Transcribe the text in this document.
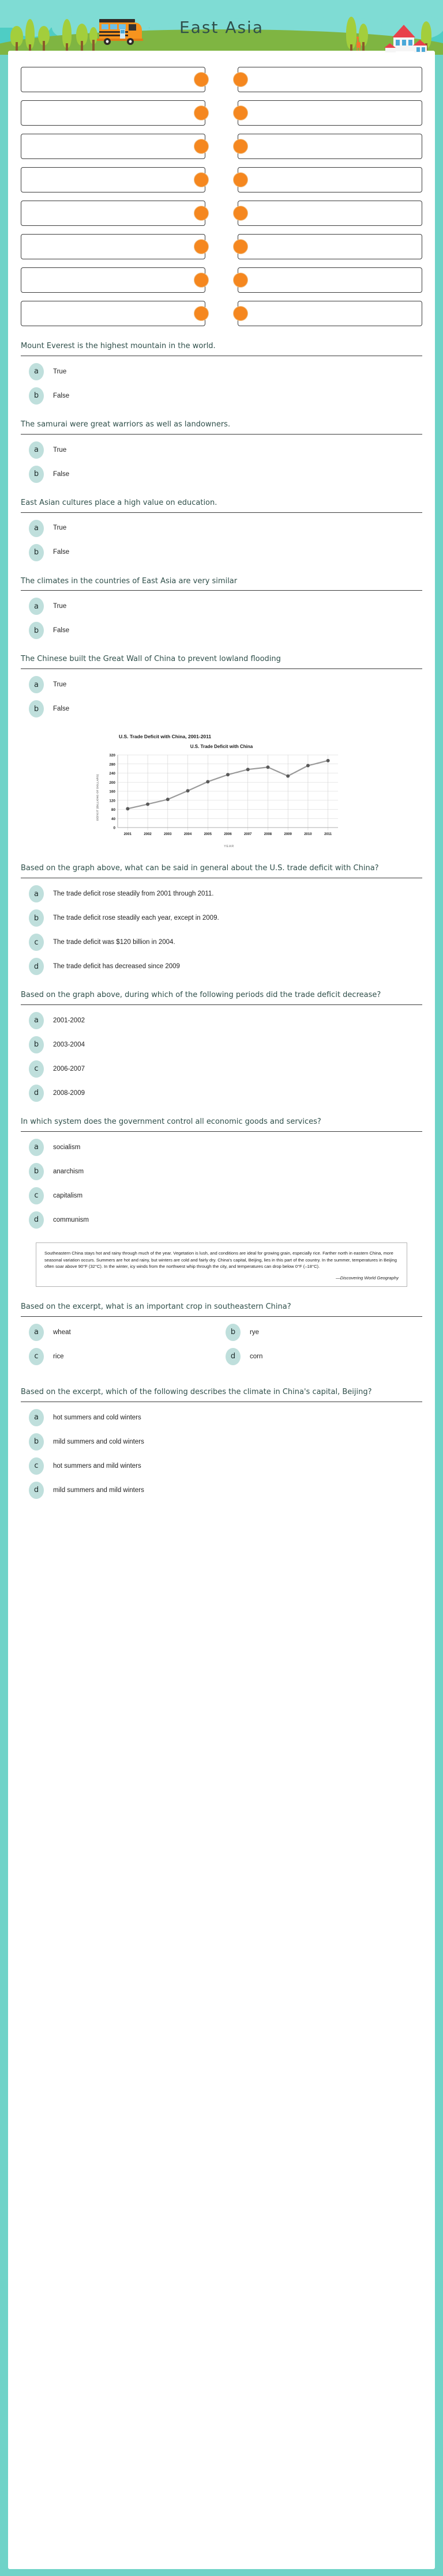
East Asia
Mount Everest is the highest mountain in the world.
a	True
b	False
The samurai were great warriors as well as landowners.
a	True
b	False
East Asian cultures place a high value on education.
a	True
b	False
The climates in the countries of East Asia are very similar
a	True
b	False
The Chinese built the Great Wall of China to prevent lowland flooding
a	True
b	False
U.S. Trade Deficit with China, 2001-2011
U.S. Trade Deficit with China
DEFICIT (BILLIONS OF DOLLARS)
0
40
80
120
160
200
240
280
320
2001	2002	2003	2004	2005	2006	2007	2008	2009	2010	2011
YEAR
Based on the graph above, what can be said in general about the U.S. trade deficit with China?
a	The trade deficit rose steadily from 2001 through 2011.
b	The trade deficit rose steadily each year, except in 2009.
c	The trade deficit was $120 billion in 2004.
d	The trade deficit has decreased since 2009
Based on the graph above, during which of the following periods did the trade deficit decrease?
a	2001-2002
b	2003-2004
c	2006-2007
d	2008-2009
In which system does the government control all economic goods and services?
a	socialism
b	anarchism
c	capitalism
d	communism

Southeastern China stays hot and rainy through much of the year. Vegetation is lush, and conditions are ideal for growing grain, especially rice. Farther north in eastern China, more seasonal variation occurs. Summers are hot and rainy, but winters are cold and fairly dry. China's capital, Beijing, lies in this part of the country. In the summer, temperatures in Beijing often soar above 90°F (32°C). In the winter, icy winds from the northwest whip through the city, and temperatures can drop below 0°F (–18°C).

—Discovering World Geography
Based on the excerpt, what is an important crop in southeastern China?
a	wheat	b	rye
c	rice	d	corn
Based on the excerpt, which of the following describes the climate in China's capital, Beijing?
a	hot summers and cold winters
b	mild summers and cold winters
c	hot summers and mild winters
d	mild summers and mild winters
